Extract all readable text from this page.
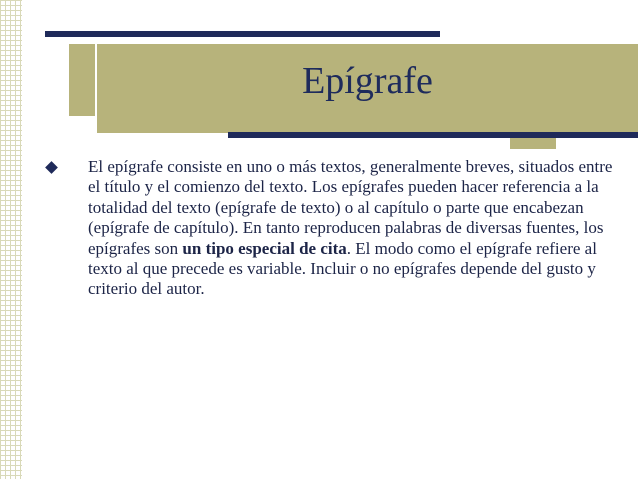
Epígrafe

El epígrafe consiste en uno o más textos, generalmente breves, situados entre el título y el comienzo del texto. Los epígrafes pueden hacer referencia a la totalidad del texto (epígrafe de texto) o al capítulo o parte que encabezan (epígrafe de capítulo). En tanto reproducen palabras de diversas fuentes, los epígrafes son un tipo especial de cita. El modo como el epígrafe refiere al texto al que precede es variable. Incluir o no epígrafes depende del gusto y criterio del autor.
